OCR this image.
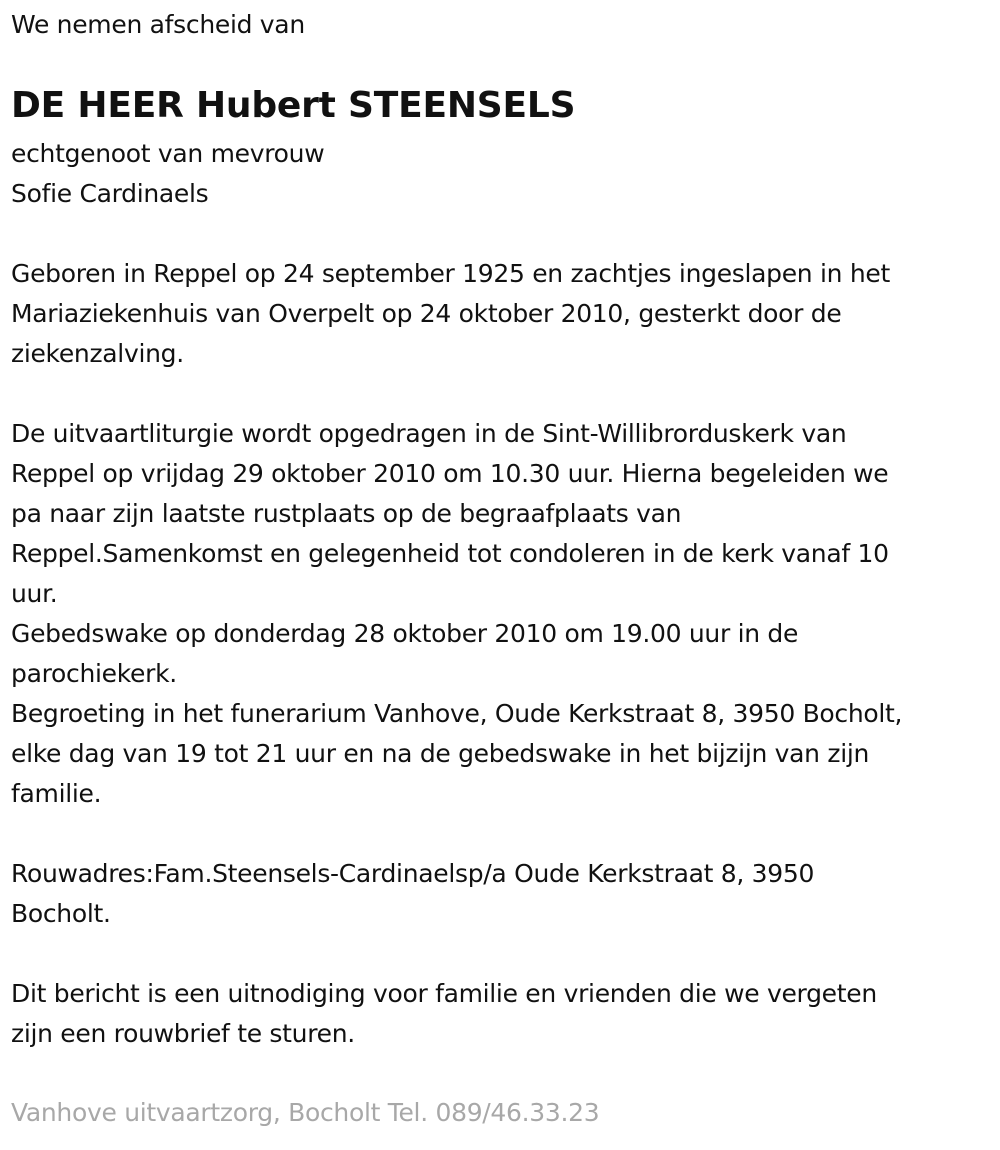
We nemen afscheid van
DE HEER Hubert STEENSELS
echtgenoot van mevrouw
Sofie Cardinaels
Geboren in Reppel op 24 september 1925 en zachtjes ingeslapen in het
Mariaziekenhuis van Overpelt op 24 oktober 2010, gesterkt door de
ziekenzalving.
De uitvaartliturgie wordt opgedragen in de Sint-Willibrorduskerk van
Reppel op vrijdag 29 oktober 2010 om 10.30 uur. Hierna begeleiden we
pa naar zijn laatste rustplaats op de begraafplaats van
Reppel.Samenkomst en gelegenheid tot condoleren in de kerk vanaf 10
uur.
Gebedswake op donderdag 28 oktober 2010 om 19.00 uur in de
parochiekerk.
Begroeting in het funerarium Vanhove, Oude Kerkstraat 8, 3950 Bocholt,
elke dag van 19 tot 21 uur en na de gebedswake in het bijzijn van zijn
familie.
Rouwadres:Fam.Steensels-Cardinaelsp/a Oude Kerkstraat 8, 3950
Bocholt.
Dit bericht is een uitnodiging voor familie en vrienden die we vergeten
zijn een rouwbrief te sturen.
Vanhove uitvaartzorg, Bocholt Tel. 089/46.33.23
